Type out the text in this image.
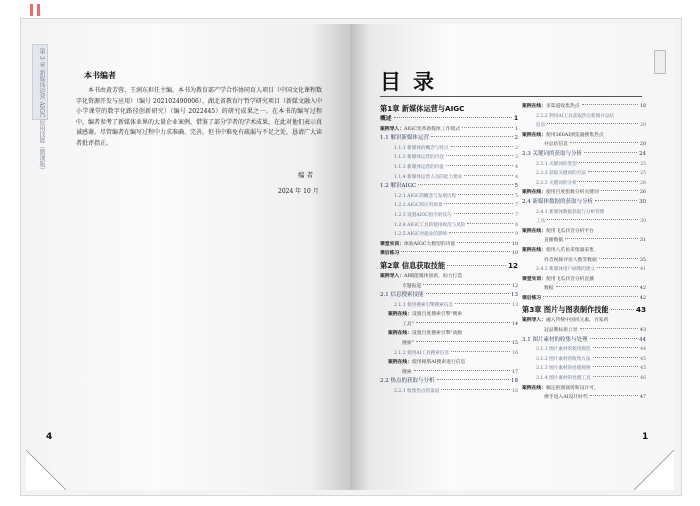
第 3 章 新媒体运营 AIGC 应用技能（微课版）	本书编者
本书由黄芳蓉、王润东担任主编。本书为教育部产学合作协同育人项目（中国文化课程数字化资源开发与应用）（编号 202102490006）、湖北省教育厅哲学研究项目（新媒文融入中小学课堂的数字化路径创新研究）（编号 2022445）的研究成果之一。在本书的编写过程中，编者参考了新媒体业界的大量企业案例，借鉴了部分学者的学术成果，在此对他们表示真诚感谢。尽管编者在编写过程中力求准确、完善，但书中难免有疏漏与不足之处，恳请广大读者批评指正。
编 者
2024 年 10 月
4
目录
第1章 新媒体运营与AIGC
概述	1
案例导入：AIGC变革新媒体工作模式	1
1.1 解识新媒体运营	2
1.1.1 新媒体的概念与特点	2
1.1.2 新媒体运营的内容	3
1.1.3 新媒体运营的价值	4
1.1.4 新媒体运营人员的能力要求	4
1.2 解识AIGC	5
1.2.1 AIGC的概念与发展历程	5
1.2.2 AIGC的应用场景	7
1.2.3 设置AIGC指令的技巧	7
1.2.4 AIGC工具的使用规范与风险	8
1.2.5 AIGC对就业的影响	9
课堂实训：体验AIGC大模型的功能	10
课后练习	10
第2章 信息获取技能	12
案例导入：AI赋能媒体创新，助力打造
专题报道	12
2.1 信息搜索技能	13
2.1.1 使用搜索引擎搜索信息	13
案例在线：设置百度搜索引擎"搜索
工具"	14
案例在线：设置百度搜索引擎"高级
搜索"	15
2.1.2 使用AI工具搜索信息	16
案例在线：使用秘塔AI搜索进行信息
搜索	17
2.2 热点的获取与分析	18
2.2.1 收集热点的渠道	18
案例在线：多渠道收集热点	18
2.2.2 利用AI工具获取热点新闻并总结
信息	20
案例在线：使用360AI浏览器搜集热点
并总结信息	20
2.3 关键词的获取与分析	24
2.3.1 关键词的类型	25
2.3.2 获取关键词的方法	25
2.3.3 关键词的分析	26
案例在线：使用百度指数分析关键词	26
2.4 新媒体数据的获取与分析	30
2.4.1 新媒体数据获取与分析管理
工具	30
案例在线：使用飞瓜抖音分析平台
直播数据	31
案例在线：使用八爪鱼采集器采集
抖音视频评论人数等数据	35
2.4.2 新媒体用户画像的建立	41
课堂实训：使用飞瓜抖音分析直播
数据	42
课后练习	42
第3章 图片与图表制作技能	43
案例导入：融入传统中国风元素，百家药
冠品牌标新立异	43
3.1 图片素材的收集与处理	44
3.1.1 图片素材的使用规范	44
3.1.2 图片素材的收集方法	45
3.1.3 图片素材的处理规则	45
3.1.4 图片素材的处理工具	46
案例在线：稿定抠图裁剪和设计可，
携手进入AI设计时代	47
1
